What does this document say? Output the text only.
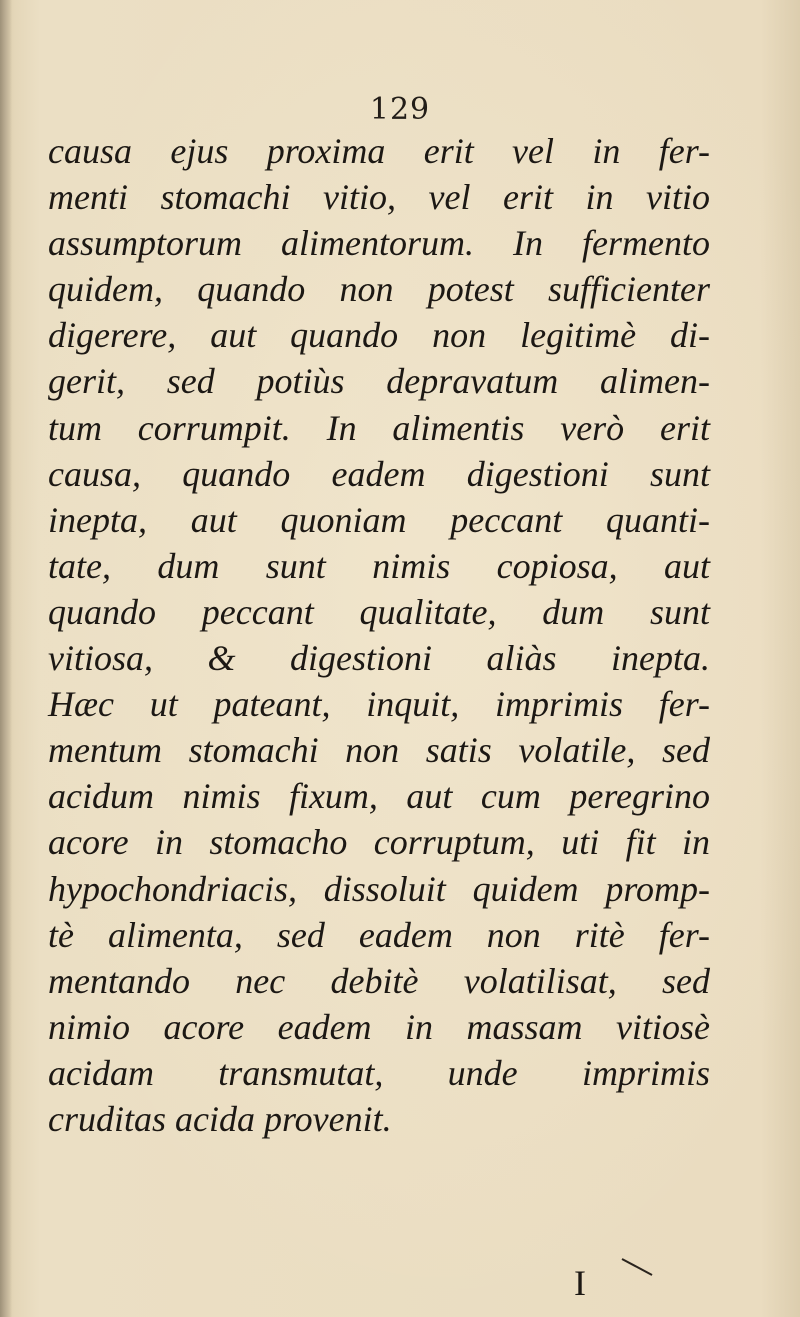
129
causa ejus proxima erit vel in fer-
menti stomachi vitio, vel erit in vitio
assumptorum alimentorum. In fermento
quidem, quando non potest sufficienter
digerere, aut quando non legitimè di-
gerit, sed potiùs depravatum alimen-
tum corrumpit. In alimentis verò erit
causa, quando eadem digestioni sunt
inepta, aut quoniam peccant quanti-
tate, dum sunt nimis copiosa, aut
quando peccant qualitate, dum sunt
vitiosa, & digestioni aliàs inepta.
Hæc ut pateant, inquit, imprimis fer-
mentum stomachi non satis volatile, sed
acidum nimis fixum, aut cum peregrino
acore in stomacho corruptum, uti fit in
hypochondriacis, dissoluit quidem promp-
tè alimenta, sed eadem non ritè fer-
mentando nec debitè volatilisat, sed
nimio acore eadem in massam vitiosè
acidam transmutat, unde imprimis
cruditas acida provenit.
I
